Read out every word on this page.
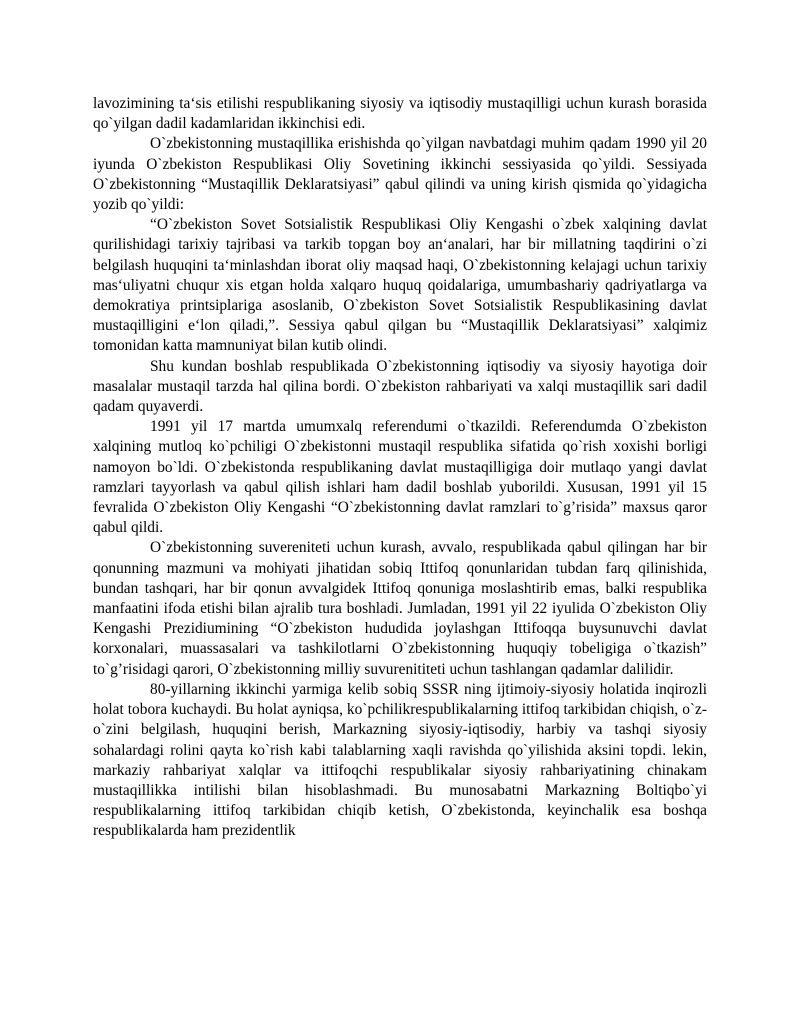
lavozimining ta‘sis etilishi respublikaning siyosiy va iqtisodiy mustaqilligi uchun kurash borasida qo`yilgan dadil kadamlaridan ikkinchisi edi.

O`zbekistonning mustaqillika erishishda qo`yilgan navbatdagi muhim qadam 1990 yil 20 iyunda O`zbekiston Respublikasi Oliy Sovetining ikkinchi sessiyasida qo`yildi. Sessiyada O`zbekistonning “Mustaqillik Deklaratsiyasi” qabul qilindi va uning kirish qismida qo`yidagicha yozib qo`yildi:

“O`zbekiston Sovet Sotsialistik Respublikasi Oliy Kengashi o`zbek xalqining davlat qurilishidagi tarixiy tajribasi va tarkib topgan boy an‘analari, har bir millatning taqdirini o`zi belgilash huquqini ta‘minlashdan iborat oliy maqsad haqi, O`zbekistonning kelajagi uchun tarixiy mas‘uliyatni chuqur xis etgan holda xalqaro huquq qoidalariga, umumbashariy qadriyatlarga va demokratiya printsiplariga asoslanib, O`zbekiston Sovet Sotsialistik Respublikasining davlat mustaqilligini e‘lon qiladi,”. Sessiya qabul qilgan bu “Mustaqillik Deklaratsiyasi” xalqimiz tomonidan katta mamnuniyat bilan kutib olindi.

Shu kundan boshlab respublikada O`zbekistonning iqtisodiy va siyosiy hayotiga doir masalalar mustaqil tarzda hal qilina bordi. O`zbekiston rahbariyati va xalqi mustaqillik sari dadil qadam quyaverdi.

1991 yil 17 martda umumxalq referendumi o`tkazildi. Referendumda O`zbekiston xalqining mutloq ko`pchiligi O`zbekistonni mustaqil respublika sifatida qo`rish xoxishi borligi namoyon bo`ldi. O`zbekistonda respublikaning davlat mustaqilligiga doir mutlaqo yangi davlat ramzlari tayyorlash va qabul qilish ishlari ham dadil boshlab yuborildi. Xususan, 1991 yil 15 fevralida O`zbekiston Oliy Kengashi “O`zbekistonning davlat ramzlari to`g’risida” maxsus qaror qabul qildi.

O`zbekistonning suvereniteti uchun kurash, avvalo, respublikada qabul qilingan har bir qonunning mazmuni va mohiyati jihatidan sobiq Ittifoq qonunlaridan tubdan farq qilinishida, bundan tashqari, har bir qonun avvalgidek Ittifoq qonuniga moslashtirib emas, balki respublika manfaatini ifoda etishi bilan ajralib tura boshladi. Jumladan, 1991 yil 22 iyulida O`zbekiston Oliy Kengashi Prezidiumining “O`zbekiston hududida joylashgan Ittifoqqa buysunuvchi davlat korxonalari, muassasalari va tashkilotlarni O`zbekistonning huquqiy tobeligiga o`tkazish” to`g’risidagi qarori, O`zbekistonning milliy suvurenititeti uchun tashlangan qadamlar dalilidir.

80-yillarning ikkinchi yarmiga kelib sobiq SSSR ning ijtimoiy-siyosiy holatida inqirozli holat tobora kuchaydi. Bu holat ayniqsa, ko`pchilikrespublikalarning ittifoq tarkibidan chiqish, o`z-o`zini belgilash, huquqini berish, Markazning siyosiy-iqtisodiy, harbiy va tashqi siyosiy sohalardagi rolini qayta ko`rish kabi talablarning xaqli ravishda qo`yilishida aksini topdi. lekin, markaziy rahbariyat xalqlar va ittifoqchi respublikalar siyosiy rahbariyatining chinakam mustaqillikka intilishi bilan hisoblashmadi. Bu munosabatni Markazning Boltiqbo`yi respublikalarning ittifoq tarkibidan chiqib ketish, O`zbekistonda, keyinchalik esa boshqa respublikalarda ham prezidentlik
